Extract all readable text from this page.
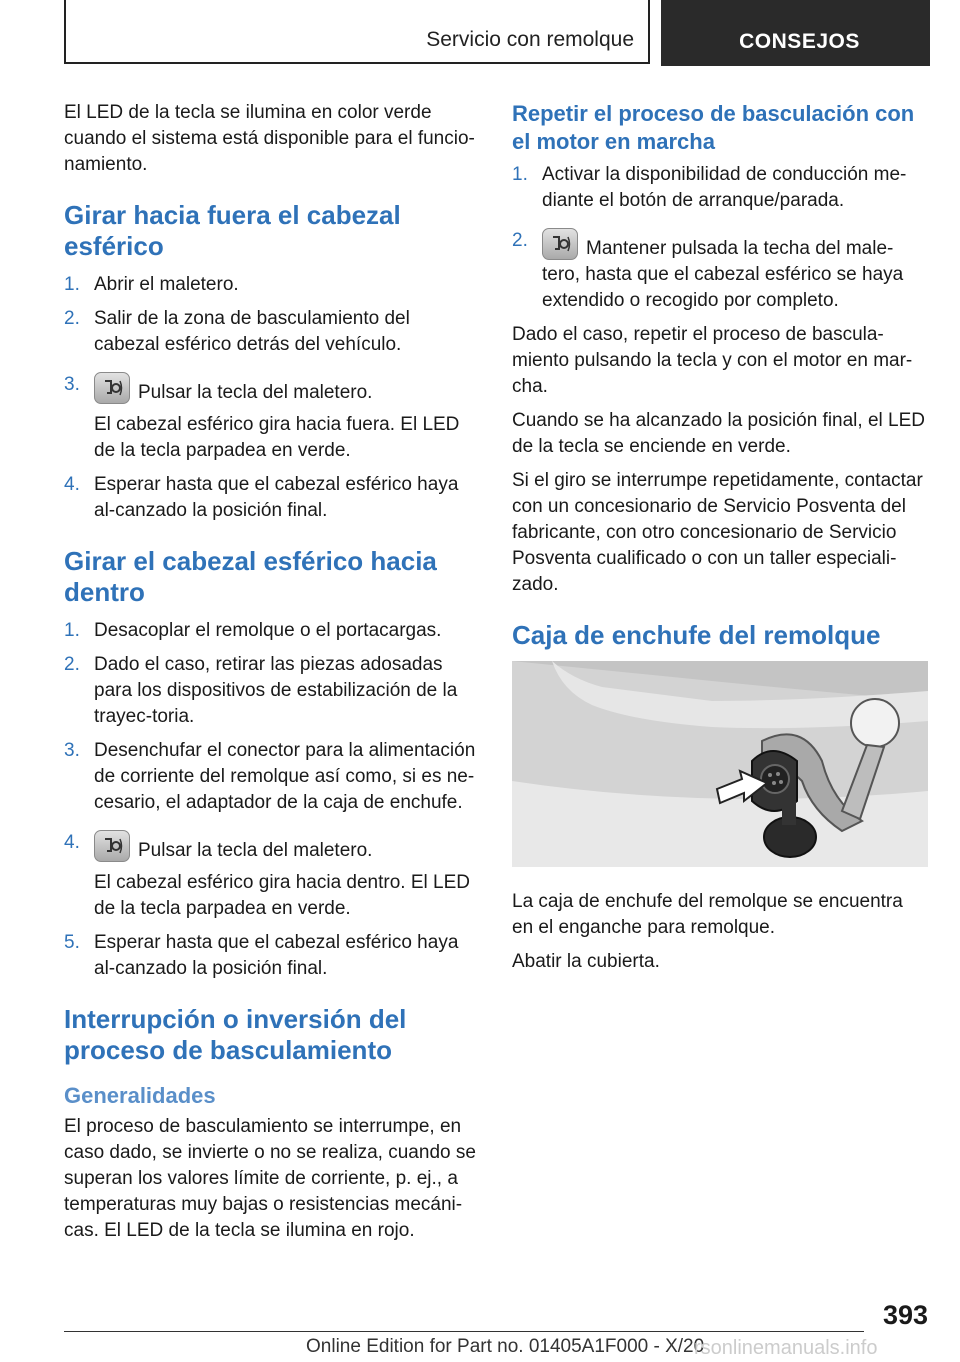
Servicio con remolque	CONSEJOS

El LED de la tecla se ilumina en color verde cuando el sistema está disponible para el funcio‐namiento.

Girar hacia fuera el cabezal esférico
1. Abrir el maletero.
2. Salir de la zona de basculamiento del cabezal esférico detrás del vehículo.
3.	Pulsar la tecla del maletero.
El cabezal esférico gira hacia fuera. El LED de la tecla parpadea en verde.
4. Esperar hasta que el cabezal esférico haya al‐canzado la posición final.
Girar el cabezal esférico hacia dentro
1. Desacoplar el remolque o el portacargas.
2. Dado el caso, retirar las piezas adosadas para los dispositivos de estabilización de la trayec‐toria.
3. Desenchufar el conector para la alimentación de corriente del remolque así como, si es ne‐cesario, el adaptador de la caja de enchufe.
4.	Pulsar la tecla del maletero.
El cabezal esférico gira hacia dentro. El LED de la tecla parpadea en verde.
5. Esperar hasta que el cabezal esférico haya al‐canzado la posición final.
Interrupción o inversión del proceso de basculamiento
Generalidades

El proceso de basculamiento se interrumpe, en caso dado, se invierte o no se realiza, cuando se superan los valores límite de corriente, p. ej., a temperaturas muy bajas o resistencias mecáni‐cas. El LED de la tecla se ilumina en rojo.

Repetir el proceso de basculación con el motor en marcha
1. Activar la disponibilidad de conducción me‐diante el botón de arranque/parada.
2.	Mantener pulsada la techa del male‐tero, hasta que el cabezal esférico se haya extendido o recogido por completo.

Dado el caso, repetir el proceso de bascula‐miento pulsando la tecla y con el motor en mar‐cha.

Cuando se ha alcanzado la posición final, el LED de la tecla se enciende en verde.

Si el giro se interrumpe repetidamente, contactar con un concesionario de Servicio Posventa del fabricante, con otro concesionario de Servicio Posventa cualificado o con un taller especiali‐zado.

Caja de enchufe del remolque

La caja de enchufe del remolque se encuentra en el enganche para remolque.

Abatir la cubierta.

393
Online Edition for Part no. 01405A1F000 - X/20
rsonlinemanuals.info
